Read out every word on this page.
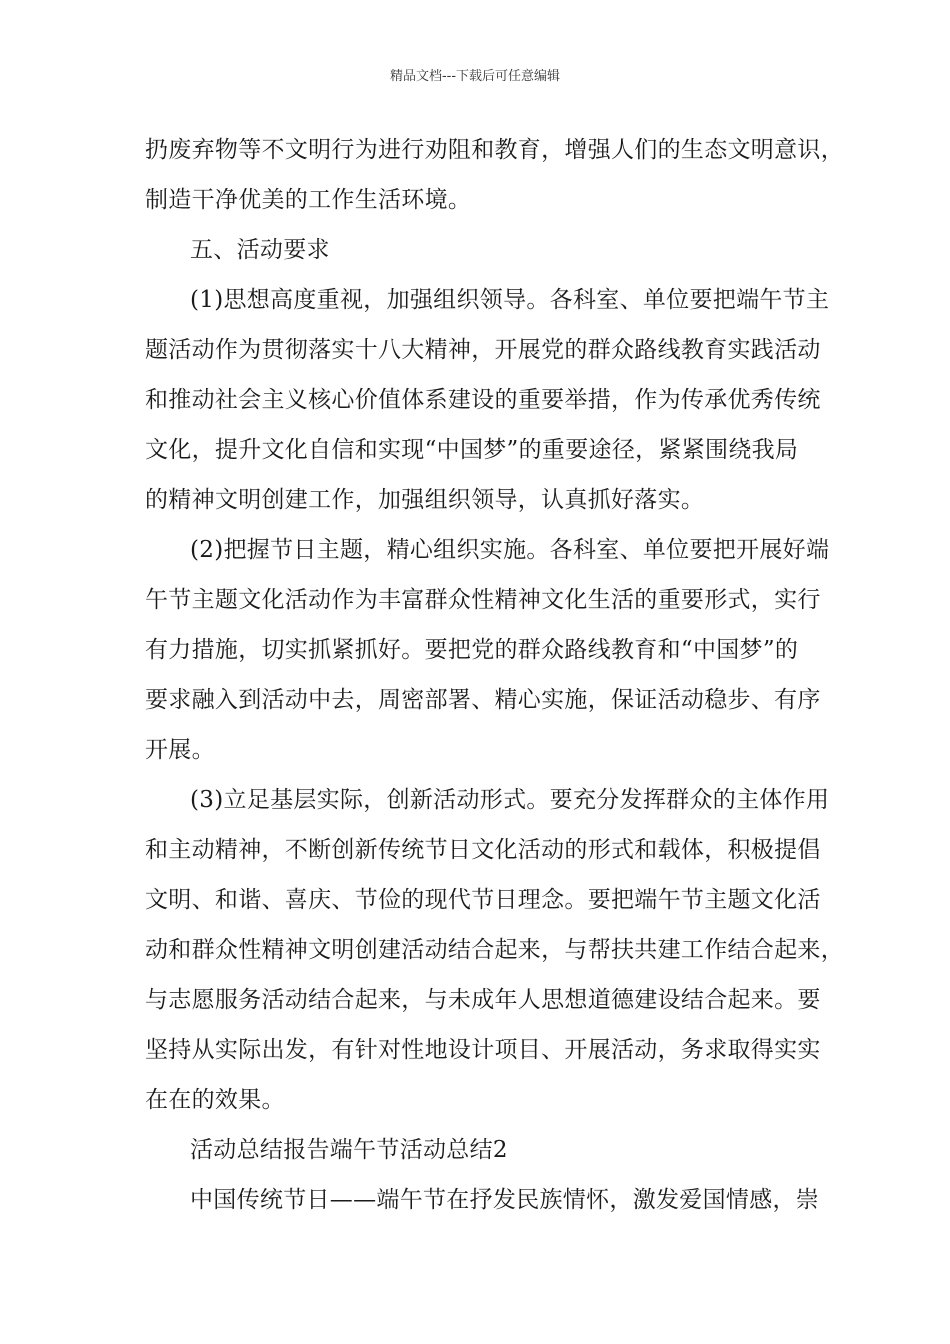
精品文档---下载后可任意编辑
扔废弃物等不文明行为进行劝阻和教育，增强人们的生态文明意识，
制造干净优美的工作生活环境。
五、活动要求
(1)思想高度重视，加强组织领导。各科室、单位要把端午节主
题活动作为贯彻落实十八大精神，开展党的群众路线教育实践活动
和推动社会主义核心价值体系建设的重要举措，作为传承优秀传统
文化，提升文化自信和实现“中国梦”的重要途径，紧紧围绕我局
的精神文明创建工作，加强组织领导，认真抓好落实。
(2)把握节日主题，精心组织实施。各科室、单位要把开展好端
午节主题文化活动作为丰富群众性精神文化生活的重要形式，实行
有力措施，切实抓紧抓好。要把党的群众路线教育和“中国梦”的
要求融入到活动中去，周密部署、精心实施，保证活动稳步、有序
开展。
(3)立足基层实际，创新活动形式。要充分发挥群众的主体作用
和主动精神，不断创新传统节日文化活动的形式和载体，积极提倡
文明、和谐、喜庆、节俭的现代节日理念。要把端午节主题文化活
动和群众性精神文明创建活动结合起来，与帮扶共建工作结合起来，
与志愿服务活动结合起来，与未成年人思想道德建设结合起来。要
坚持从实际出发，有针对性地设计项目、开展活动，务求取得实实
在在的效果。
活动总结报告端午节活动总结2
中国传统节日——端午节在抒发民族情怀，激发爱国情感，崇
